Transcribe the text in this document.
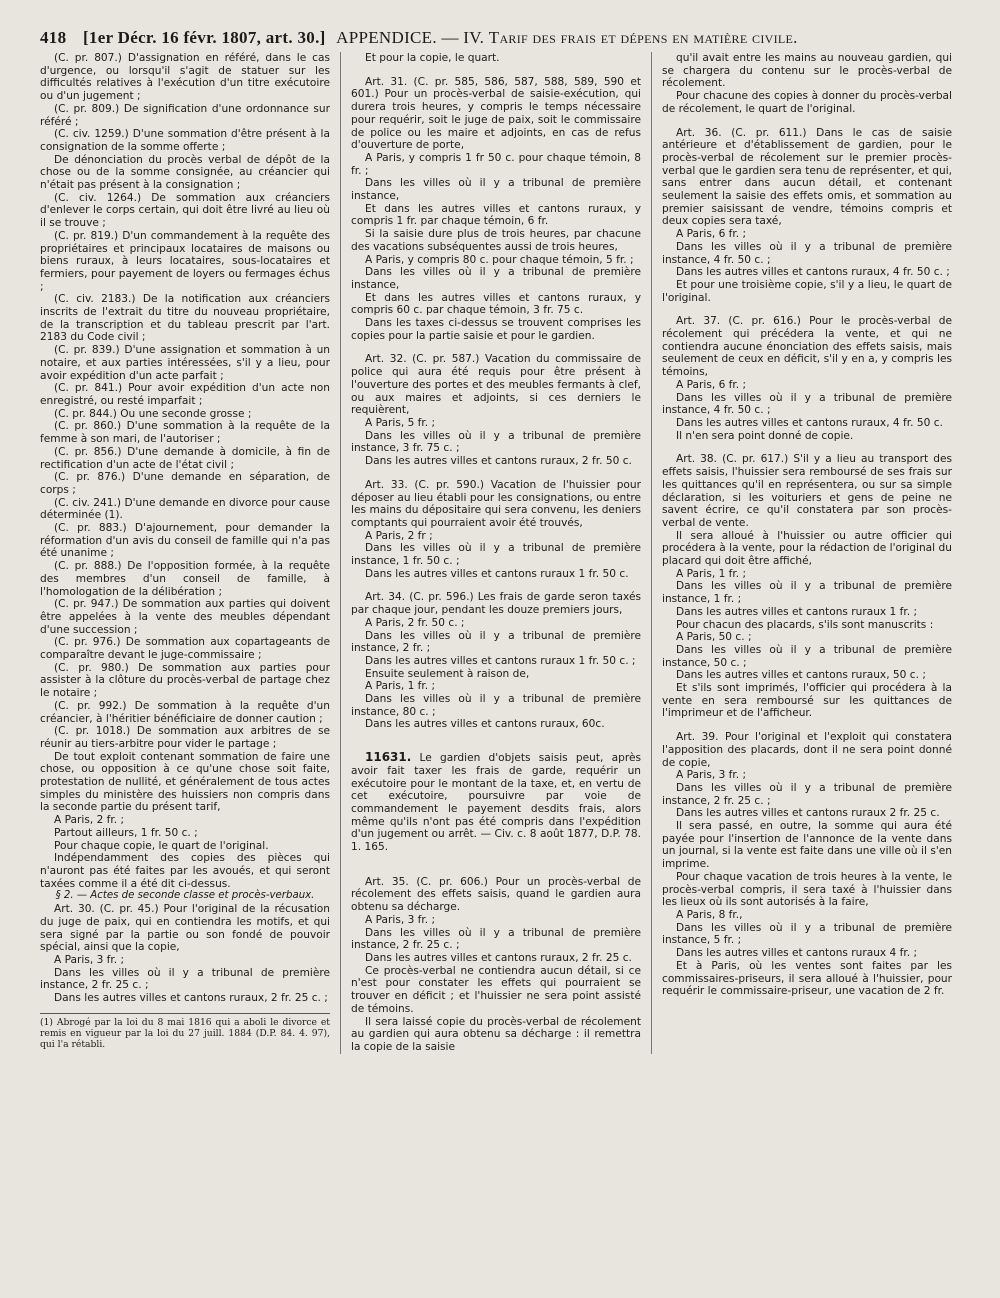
418 [1er Décr. 16 févr. 1807, art. 30.] APPENDICE. — IV. Tarif des frais et dépens en matière civile.

(C. pr. 807.) D'assignation en référé, dans le cas d'urgence, ou lorsqu'il s'agit de statuer sur les difficultés relatives à l'exécution d'un titre exécutoire ou d'un jugement ;

(C. pr. 809.) De signification d'une ordonnance sur référé ;

(C. civ. 1259.) D'une sommation d'être présent à la consignation de la somme offerte ;

De dénonciation du procès verbal de dépôt de la chose ou de la somme consignée, au créancier qui n'était pas présent à la consignation ;

(C. civ. 1264.) De sommation aux créanciers d'enlever le corps certain, qui doit être livré au lieu où il se trouve ;

(C. pr. 819.) D'un commandement à la requête des propriétaires et principaux locataires de maisons ou biens ruraux, à leurs locataires, sous-locataires et fermiers, pour payement de loyers ou fermages échus ;

(C. civ. 2183.) De la notification aux créanciers inscrits de l'extrait du titre du nouveau propriétaire, de la transcription et du tableau prescrit par l'art. 2183 du Code civil ;

(C. pr. 839.) D'une assignation et sommation à un notaire, et aux parties intéressées, s'il y a lieu, pour avoir expédition d'un acte parfait ;

(C. pr. 841.) Pour avoir expédition d'un acte non enregistré, ou resté imparfait ;

(C. pr. 844.) Ou une seconde grosse ;

(C. pr. 860.) D'une sommation à la requête de la femme à son mari, de l'autoriser ;

(C. pr. 856.) D'une demande à domicile, à fin de rectification d'un acte de l'état civil ;

(C. pr. 876.) D'une demande en séparation, de corps ;

(C. civ. 241.) D'une demande en divorce pour cause déterminée (1).

(C. pr. 883.) D'ajournement, pour demander la réformation d'un avis du conseil de famille qui n'a pas été unanime ;

(C. pr. 888.) De l'opposition formée, à la requête des membres d'un conseil de famille, à l'homologation de la délibération ;

(C. pr. 947.) De sommation aux parties qui doivent être appelées à la vente des meubles dépendant d'une succession ;

(C. pr. 976.) De sommation aux copartageants de comparaître devant le juge-commissaire ;

(C. pr. 980.) De sommation aux parties pour assister à la clôture du procès-verbal de partage chez le notaire ;

(C. pr. 992.) De sommation à la requête d'un créancier, à l'héritier bénéficiaire de donner caution ;

(C. pr. 1018.) De sommation aux arbitres de se réunir au tiers-arbitre pour vider le partage ;

De tout exploit contenant sommation de faire une chose, ou opposition à ce qu'une chose soit faite, protestation de nullité, et généralement de tous actes simples du ministère des huissiers non compris dans la seconde partie du présent tarif,

A Paris, 2 fr. ;

Partout ailleurs, 1 fr. 50 c. ;

Pour chaque copie, le quart de l'original.

Indépendamment des copies des pièces qui n'auront pas été faites par les avoués, et qui seront taxées comme il a été dit ci-dessus.

§ 2. — Actes de seconde classe et procès-verbaux.

Art. 30. (C. pr. 45.) Pour l'original de la récusation du juge de paix, qui en contiendra les motifs, et qui sera signé par la partie ou son fondé de pouvoir spécial, ainsi que la copie,

A Paris, 3 fr. ;

Dans les villes où il y a tribunal de première instance, 2 fr. 25 c. ;

Dans les autres villes et cantons ruraux, 2 fr. 25 c. ;

(1) Abrogé par la loi du 8 mai 1816 qui a aboli le divorce et remis en vigueur par la loi du 27 juill. 1884 (D.P. 84. 4. 97), qui l'a rétabli.

Et pour la copie, le quart.

Art. 31. (C. pr. 585, 586, 587, 588, 589, 590 et 601.) Pour un procès-verbal de saisie-exécution, qui durera trois heures, y compris le temps nécessaire pour requérir, soit le juge de paix, soit le commissaire de police ou les maire et adjoints, en cas de refus d'ouverture de porte,

A Paris, y compris 1 fr 50 c. pour chaque témoin, 8 fr. ;

Dans les villes où il y a tribunal de première instance,

Et dans les autres villes et cantons ruraux, y compris 1 fr. par chaque témoin, 6 fr.

Si la saisie dure plus de trois heures, par chacune des vacations subséquentes aussi de trois heures,

A Paris, y compris 80 c. pour chaque témoin, 5 fr. ;

Dans les villes où il y a tribunal de première instance,

Et dans les autres villes et cantons ruraux, y compris 60 c. par chaque témoin, 3 fr. 75 c.

Dans les taxes ci-dessus se trouvent comprises les copies pour la partie saisie et pour le gardien.

Art. 32. (C. pr. 587.) Vacation du commissaire de police qui aura été requis pour être présent à l'ouverture des portes et des meubles fermants à clef, ou aux maires et adjoints, si ces derniers le requièrent,

A Paris, 5 fr. ;

Dans les villes où il y a tribunal de première instance, 3 fr. 75 c. ;

Dans les autres villes et cantons ruraux, 2 fr. 50 c.

Art. 33. (C. pr. 590.) Vacation de l'huissier pour déposer au lieu établi pour les consignations, ou entre les mains du dépositaire qui sera convenu, les deniers comptants qui pourraient avoir été trouvés,

A Paris, 2 fr ;

Dans les villes où il y a tribunal de première instance, 1 fr. 50 c. ;

Dans les autres villes et cantons ruraux 1 fr. 50 c.

Art. 34. (C. pr. 596.) Les frais de garde seron taxés par chaque jour, pendant les douze premiers jours,

A Paris, 2 fr. 50 c. ;

Dans les villes où il y a tribunal de première instance, 2 fr. ;

Dans les autres villes et cantons ruraux 1 fr. 50 c. ;

Ensuite seulement à raison de,

A Paris, 1 fr. ;

Dans les villes où il y a tribunal de première instance, 80 c. ;

Dans les autres villes et cantons ruraux, 60c.

11631. Le gardien d'objets saisis peut, après avoir fait taxer les frais de garde, requérir un exécutoire pour le montant de la taxe, et, en vertu de cet exécutoire, poursuivre par voie de commandement le payement desdits frais, alors même qu'ils n'ont pas été compris dans l'expédition d'un jugement ou arrêt. — Civ. c. 8 août 1877, D.P. 78. 1. 165.

Art. 35. (C. pr. 606.) Pour un procès-verbal de récolement des effets saisis, quand le gardien aura obtenu sa décharge.

A Paris, 3 fr. ;

Dans les villes où il y a tribunal de première instance, 2 fr. 25 c. ;

Dans les autres villes et cantons ruraux, 2 fr. 25 c.

Ce procès-verbal ne contiendra aucun détail, si ce n'est pour constater les effets qui pourraient se trouver en déficit ; et l'huissier ne sera point assisté de témoins.

Il sera laissé copie du procès-verbal de récolement au gardien qui aura obtenu sa décharge : il remettra la copie de la saisie

qu'il avait entre les mains au nouveau gardien, qui se chargera du contenu sur le procès-verbal de récolement.

Pour chacune des copies à donner du procès-verbal de récolement, le quart de l'original.

Art. 36. (C. pr. 611.) Dans le cas de saisie antérieure et d'établissement de gardien, pour le procès-verbal de récolement sur le premier procès-verbal que le gardien sera tenu de représenter, et qui, sans entrer dans aucun détail, et contenant seulement la saisie des effets omis, et sommation au premier saisissant de vendre, témoins compris et deux copies sera taxé,

A Paris, 6 fr. ;

Dans les villes où il y a tribunal de première instance, 4 fr. 50 c. ;

Dans les autres villes et cantons ruraux, 4 fr. 50 c. ;

Et pour une troisième copie, s'il y a lieu, le quart de l'original.

Art. 37. (C. pr. 616.) Pour le procès-verbal de récolement qui précédera la vente, et qui ne contiendra aucune énonciation des effets saisis, mais seulement de ceux en déficit, s'il y en a, y compris les témoins,

A Paris, 6 fr. ;

Dans les villes où il y a tribunal de première instance, 4 fr. 50 c. ;

Dans les autres villes et cantons ruraux, 4 fr. 50 c.

Il n'en sera point donné de copie.

Art. 38. (C. pr. 617.) S'il y a lieu au transport des effets saisis, l'huissier sera remboursé de ses frais sur les quittances qu'il en représentera, ou sur sa simple déclaration, si les voituriers et gens de peine ne savent écrire, ce qu'il constatera par son procès-verbal de vente.

Il sera alloué à l'huissier ou autre officier qui procédera à la vente, pour la rédaction de l'original du placard qui doit être affiché,

A Paris, 1 fr. ;

Dans les villes où il y a tribunal de première instance, 1 fr. ;

Dans les autres villes et cantons ruraux 1 fr. ;

Pour chacun des placards, s'ils sont manuscrits :

A Paris, 50 c. ;

Dans les villes où il y a tribunal de première instance, 50 c. ;

Dans les autres villes et cantons ruraux, 50 c. ;

Et s'ils sont imprimés, l'officier qui procédera à la vente en sera remboursé sur les quittances de l'imprimeur et de l'afficheur.

Art. 39. Pour l'original et l'exploit qui constatera l'apposition des placards, dont il ne sera point donné de copie,

A Paris, 3 fr. ;

Dans les villes où il y a tribunal de première instance, 2 fr. 25 c. ;

Dans les autres villes et cantons ruraux 2 fr. 25 c.

Il sera passé, en outre, la somme qui aura été payée pour l'insertion de l'annonce de la vente dans un journal, si la vente est faite dans une ville où il s'en imprime.

Pour chaque vacation de trois heures à la vente, le procès-verbal compris, il sera taxé à l'huissier dans les lieux où ils sont autorisés à la faire,

A Paris, 8 fr.,

Dans les villes où il y a tribunal de première instance, 5 fr. ;

Dans les autres villes et cantons ruraux 4 fr. ;

Et à Paris, où les ventes sont faites par les commissaires-priseurs, il sera alloué à l'huissier, pour requérir le commissaire-priseur, une vacation de 2 fr.
